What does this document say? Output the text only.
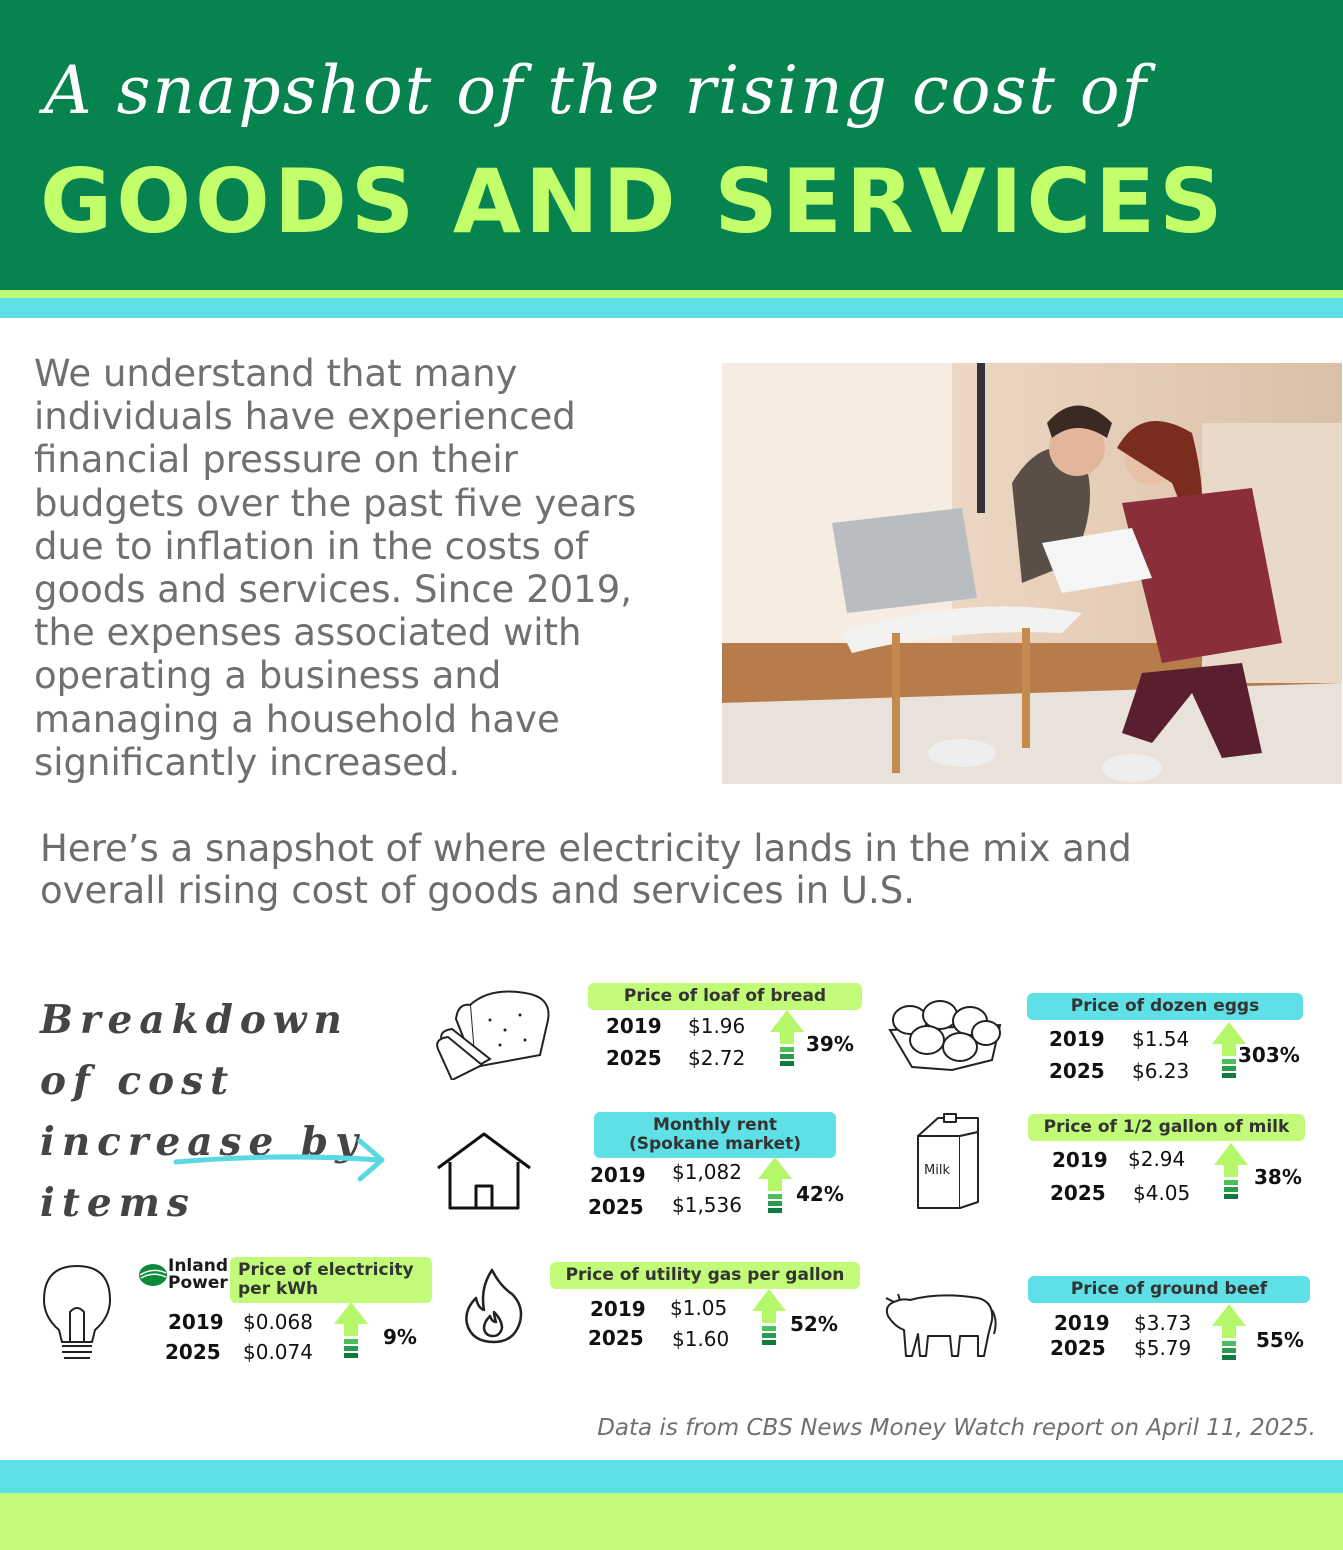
A snapshot of the rising cost of
GOODS AND SERVICES
We understand that many
individuals have experienced
financial pressure on their
budgets over the past five years
due to inflation in the costs of
goods and services. Since 2019,
the expenses associated with
operating a business and
managing a household have
significantly increased.
Here’s a snapshot of where electricity lands in the mix and
overall rising cost of goods and services in U.S.
Breakdown
of cost
increase by
items
Price of loaf of bread
2019 $1.96
2025 $2.72
39%
Price of dozen eggs
2019 $1.54
2025 $6.23
303%
Monthly rent
(Spokane market)
2019 $1,082
2025 $1,536	42%
Milk
Price of 1/2 gallon of milk
2019 $2.94
2025 $4.05
38%
Inland
Power
Price of electricity
per kWh
2019 $0.068
2025 $0.074
9%
Price of utility gas per gallon
2019 $1.05
2025 $1.60
52%
Price of ground beef
2019 $3.73
2025 $5.79	55%
Data is from CBS News Money Watch report on April 11, 2025.
